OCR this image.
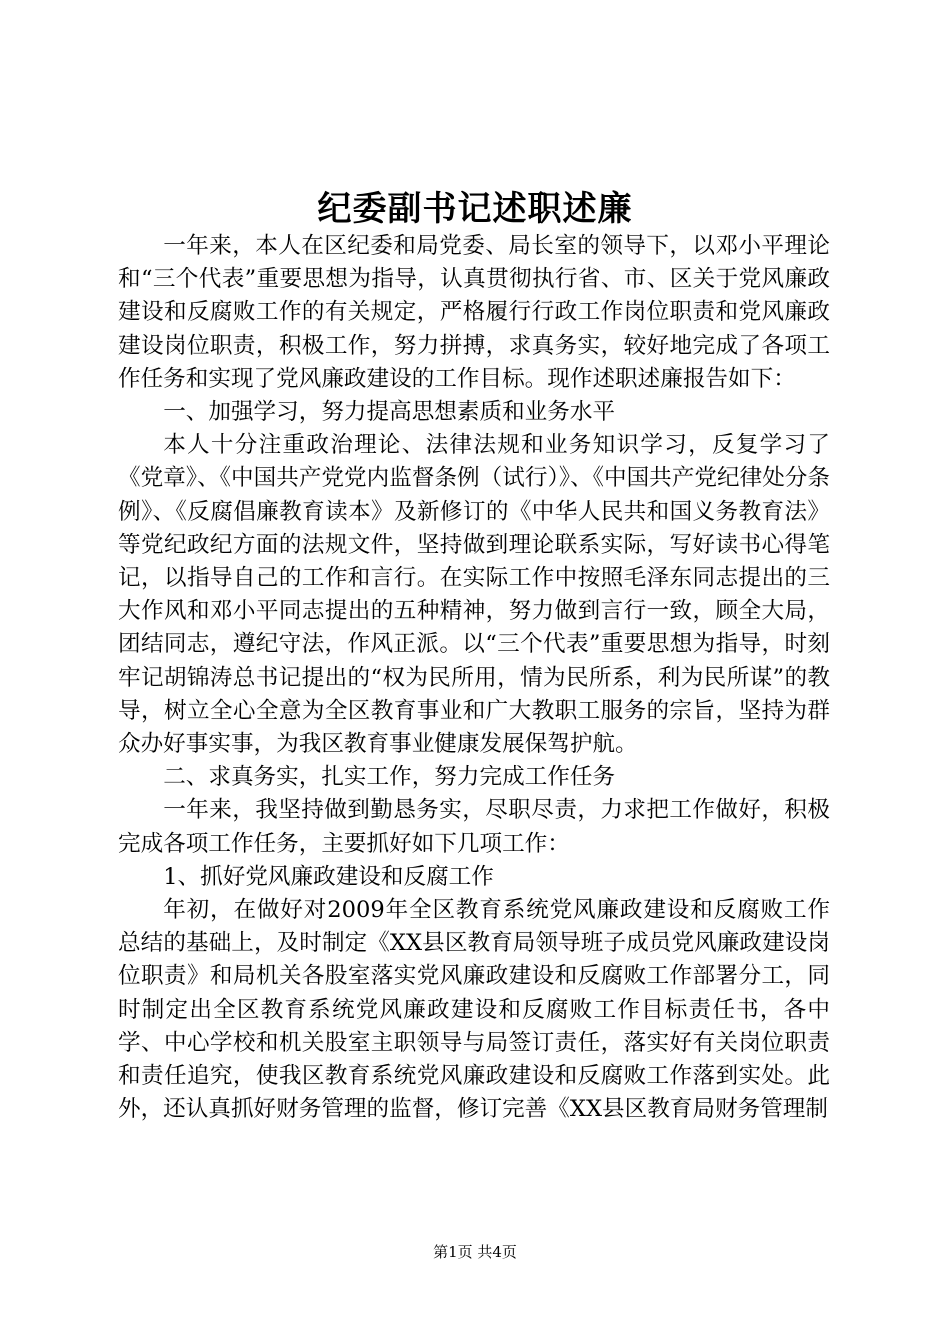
纪委副书记述职述廉

一年来，本人在区纪委和局党委、局长室的领导下，以邓小平理论和“三个代表”重要思想为指导，认真贯彻执行省、市、区关于党风廉政建设和反腐败工作的有关规定，严格履行行政工作岗位职责和党风廉政建设岗位职责，积极工作，努力拼搏，求真务实，较好地完成了各项工作任务和实现了党风廉政建设的工作目标。现作述职述廉报告如下：

一、加强学习，努力提高思想素质和业务水平

本人十分注重政治理论、法律法规和业务知识学习，反复学习了《党章》、《中国共产党党内监督条例（试行）》、《中国共产党纪律处分条例》、《反腐倡廉教育读本》及新修订的《中华人民共和国义务教育法》等党纪政纪方面的法规文件，坚持做到理论联系实际，写好读书心得笔记，以指导自己的工作和言行。在实际工作中按照毛泽东同志提出的三大作风和邓小平同志提出的五种精神，努力做到言行一致，顾全大局，团结同志，遵纪守法，作风正派。以“三个代表”重要思想为指导，时刻牢记胡锦涛总书记提出的“权为民所用，情为民所系，利为民所谋”的教导，树立全心全意为全区教育事业和广大教职工服务的宗旨，坚持为群众办好事实事，为我区教育事业健康发展保驾护航。

二、求真务实，扎实工作，努力完成工作任务

一年来，我坚持做到勤恳务实，尽职尽责，力求把工作做好，积极完成各项工作任务，主要抓好如下几项工作：

1、抓好党风廉政建设和反腐工作

年初，在做好对2009年全区教育系统党风廉政建设和反腐败工作总结的基础上，及时制定《XX县区教育局领导班子成员党风廉政建设岗位职责》和局机关各股室落实党风廉政建设和反腐败工作部署分工，同时制定出全区教育系统党风廉政建设和反腐败工作目标责任书，各中学、中心学校和机关股室主职领导与局签订责任，落实好有关岗位职责和责任追究，使我区教育系统党风廉政建设和反腐败工作落到实处。此外，还认真抓好财务管理的监督，修订完善《XX县区教育局财务管理制

第1页 共4页
